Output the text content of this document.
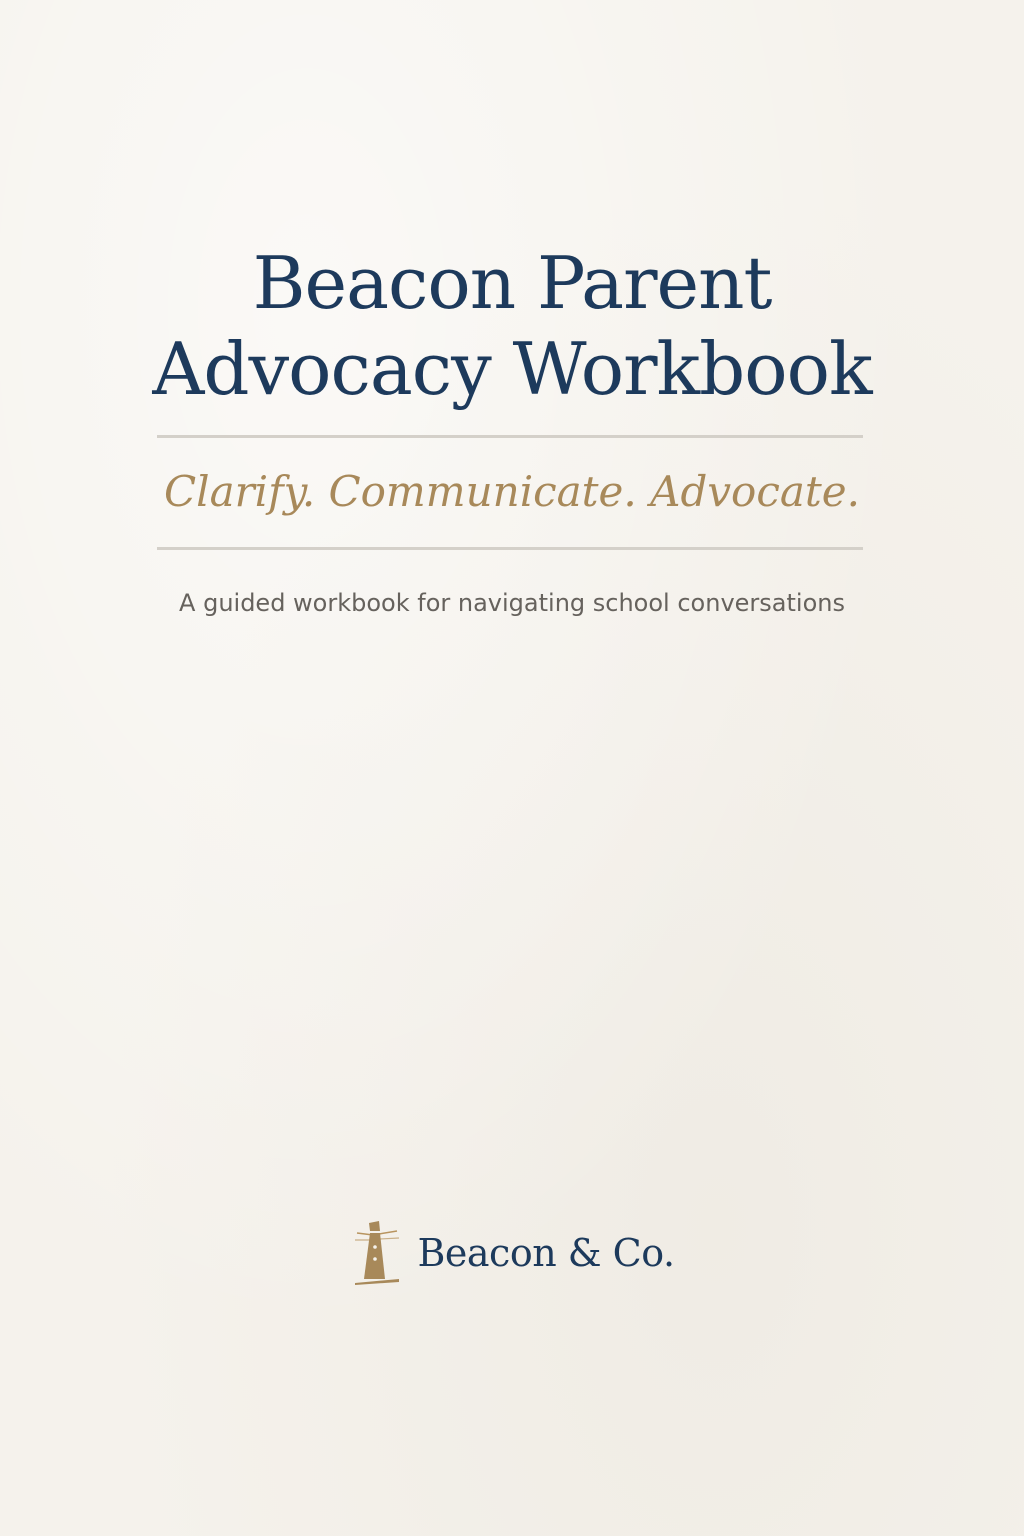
Beacon Parent
Advocacy Workbook

Clarify. Communicate. Advocate.

A guided workbook for navigating school conversations

Beacon & Co.
